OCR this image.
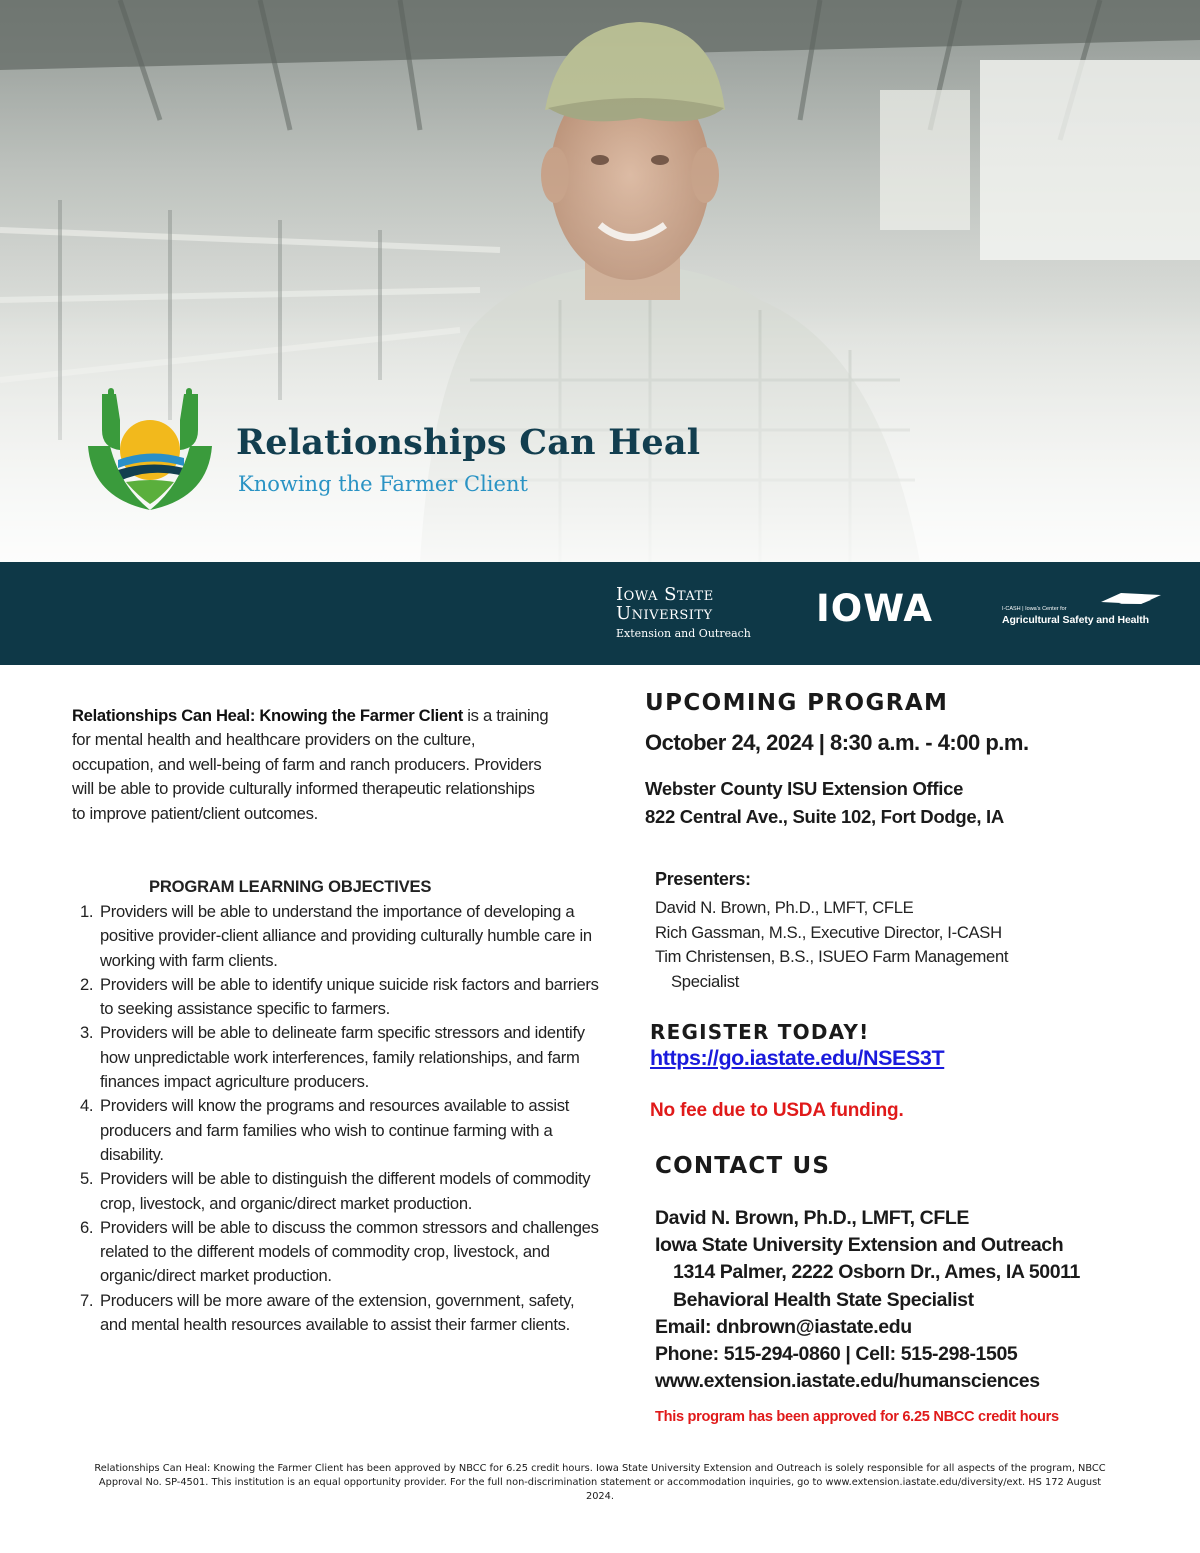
Relationships Can Heal
Knowing the Farmer Client
Iowa State
University
Extension and Outreach
IOWA	I-CASH | Iowa's Center for
Agricultural Safety and Health
Relationships Can Heal: Knowing the Farmer Client is a training for mental health and healthcare providers on the culture, occupation, and well-being of farm and ranch producers. Providers will be able to provide culturally informed therapeutic relationships to improve patient/client outcomes.
PROGRAM LEARNING OBJECTIVES
1. Providers will be able to understand the importance of developing a positive provider-client alliance and providing culturally humble care in working with farm clients.
2. Providers will be able to identify unique suicide risk factors and barriers to seeking assistance specific to farmers.
3. Providers will be able to delineate farm specific stressors and identify how unpredictable work interferences, family relationships, and farm finances impact agriculture producers.
4. Providers will know the programs and resources available to assist producers and farm families who wish to continue farming with a disability.
5. Providers will be able to distinguish the different models of commodity crop, livestock, and organic/direct market production.
6. Providers will be able to discuss the common stressors and challenges related to the different models of commodity crop, livestock, and organic/direct market production.
7. Producers will be more aware of the extension, government, safety, and mental health resources available to assist their farmer clients.
UPCOMING PROGRAM
October 24, 2024 | 8:30 a.m. - 4:00 p.m.
Webster County ISU Extension Office
822 Central Ave., Suite 102, Fort Dodge, IA
Presenters:
David N. Brown, Ph.D., LMFT, CFLE
Rich Gassman, M.S., Executive Director, I-CASH
Tim Christensen, B.S., ISUEO Farm Management
Specialist
REGISTER TODAY!
https://go.iastate.edu/NSES3T
No fee due to USDA funding.
CONTACT US
David N. Brown, Ph.D., LMFT, CFLE
Iowa State University Extension and Outreach
1314 Palmer, 2222 Osborn Dr., Ames, IA 50011
Behavioral Health State Specialist
Email: dnbrown@iastate.edu
Phone: 515-294-0860 | Cell: 515-298-1505
www.extension.iastate.edu/humansciences
This program has been approved for 6.25 NBCC credit hours
Relationships Can Heal: Knowing the Farmer Client has been approved by NBCC for 6.25 credit hours. Iowa State University Extension and Outreach is solely responsible for all aspects of the program, NBCC Approval No. SP-4501. This institution is an equal opportunity provider. For the full non-discrimination statement or accommodation inquiries, go to www.extension.iastate.edu/diversity/ext. HS 172 August 2024.
